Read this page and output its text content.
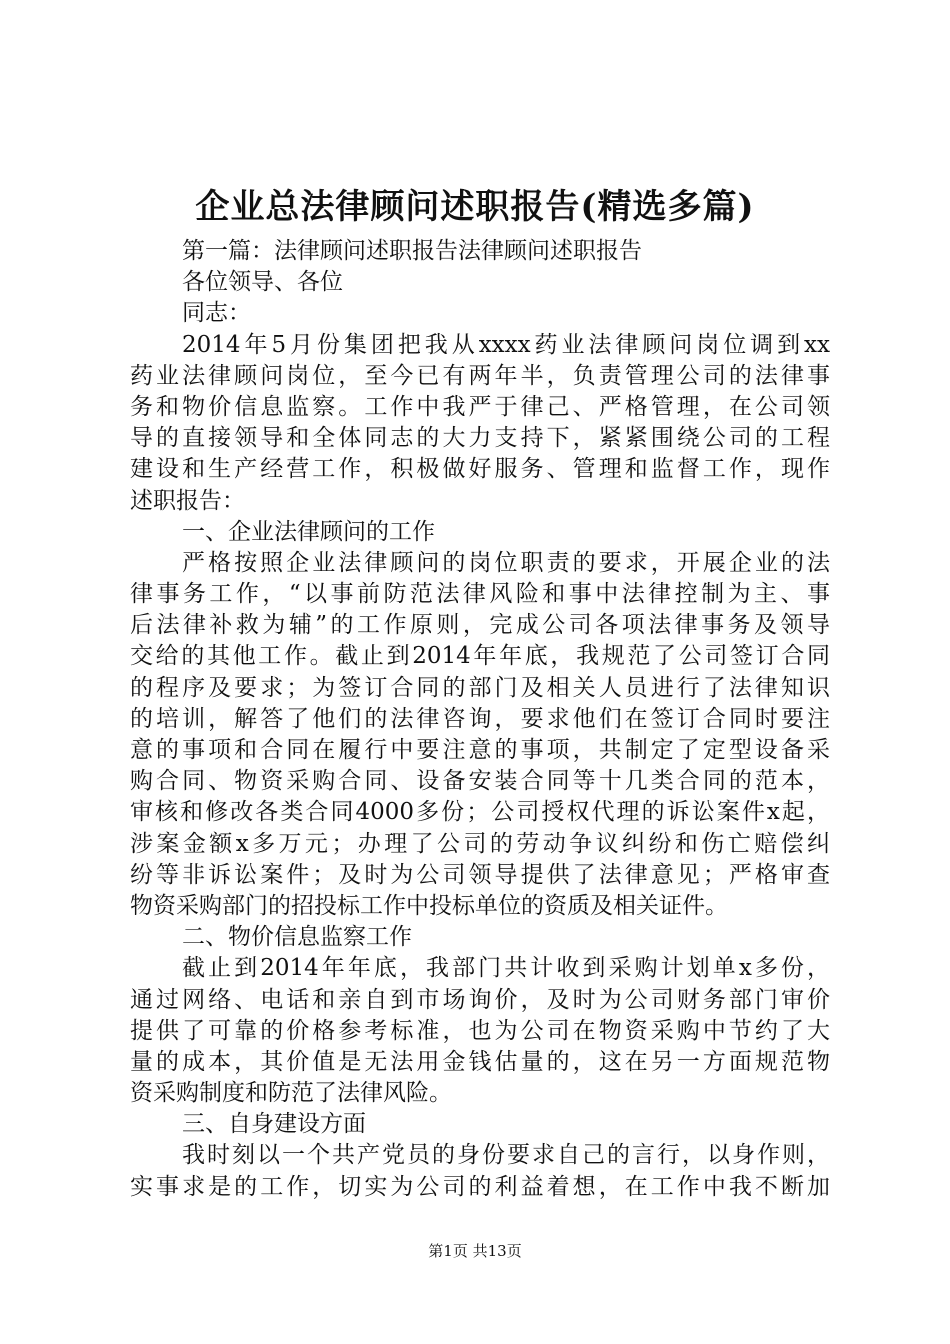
企业总法律顾问述职报告(精选多篇)
第一篇：法律顾问述职报告法律顾问述职报告
各位领导、各位
同志：
2014年5月份集团把我从xxxx药业法律顾问岗位调到xx
药业法律顾问岗位，至今已有两年半，负责管理公司的法律事
务和物价信息监察。工作中我严于律己、严格管理，在公司领
导的直接领导和全体同志的大力支持下，紧紧围绕公司的工程
建设和生产经营工作，积极做好服务、管理和监督工作，现作
述职报告：
一、企业法律顾问的工作
严格按照企业法律顾问的岗位职责的要求，开展企业的法
律事务工作，“以事前防范法律风险和事中法律控制为主、事
后法律补救为辅”的工作原则，完成公司各项法律事务及领导
交给的其他工作。截止到2014年年底，我规范了公司签订合同
的程序及要求；为签订合同的部门及相关人员进行了法律知识
的培训，解答了他们的法律咨询，要求他们在签订合同时要注
意的事项和合同在履行中要注意的事项，共制定了定型设备采
购合同、物资采购合同、设备安装合同等十几类合同的范本，
审核和修改各类合同4000多份；公司授权代理的诉讼案件x起，
涉案金额x多万元；办理了公司的劳动争议纠纷和伤亡赔偿纠
纷等非诉讼案件；及时为公司领导提供了法律意见；严格审查
物资采购部门的招投标工作中投标单位的资质及相关证件。
二、物价信息监察工作
截止到2014年年底，我部门共计收到采购计划单x多份，
通过网络、电话和亲自到市场询价，及时为公司财务部门审价
提供了可靠的价格参考标准，也为公司在物资采购中节约了大
量的成本，其价值是无法用金钱估量的，这在另一方面规范物
资采购制度和防范了法律风险。
三、自身建设方面
我时刻以一个共产党员的身份要求自己的言行，以身作则，
实事求是的工作，切实为公司的利益着想，在工作中我不断加
第1页 共13页
